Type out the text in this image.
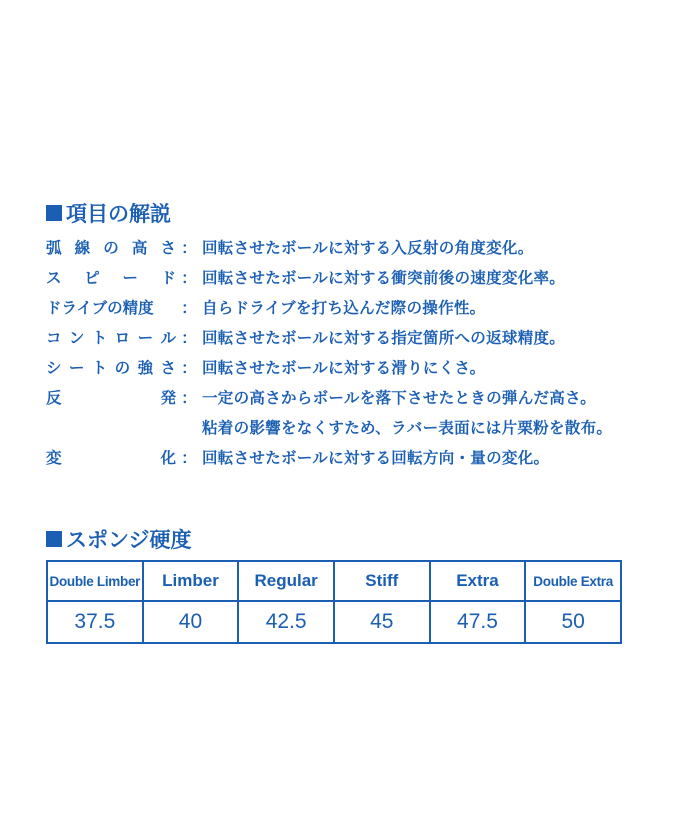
項目の解説
弧 線 の 高 さ ： 回転させたボールに対する入反射の角度変化。
ス ピ ー ド ： 回転させたボールに対する衝突前後の速度変化率。
ドライブの精度	： 自らドライブを打ち込んだ際の操作性。
コ ン ト ロ ー ル ： 回転させたボールに対する指定箇所への返球精度。
シ ー ト の 強 さ ： 回転させたボールに対する滑りにくさ。
反	発 ： 一定の高さからボールを落下させたときの弾んだ高さ。
粘着の影響をなくすため、ラバー表面には片栗粉を散布。
変	化 ： 回転させたボールに対する回転方向・量の変化。
スポンジ硬度
Double Limber	Limber	Regular	Stiff	Extra	Double Extra
37.5	40	42.5	45	47.5	50
